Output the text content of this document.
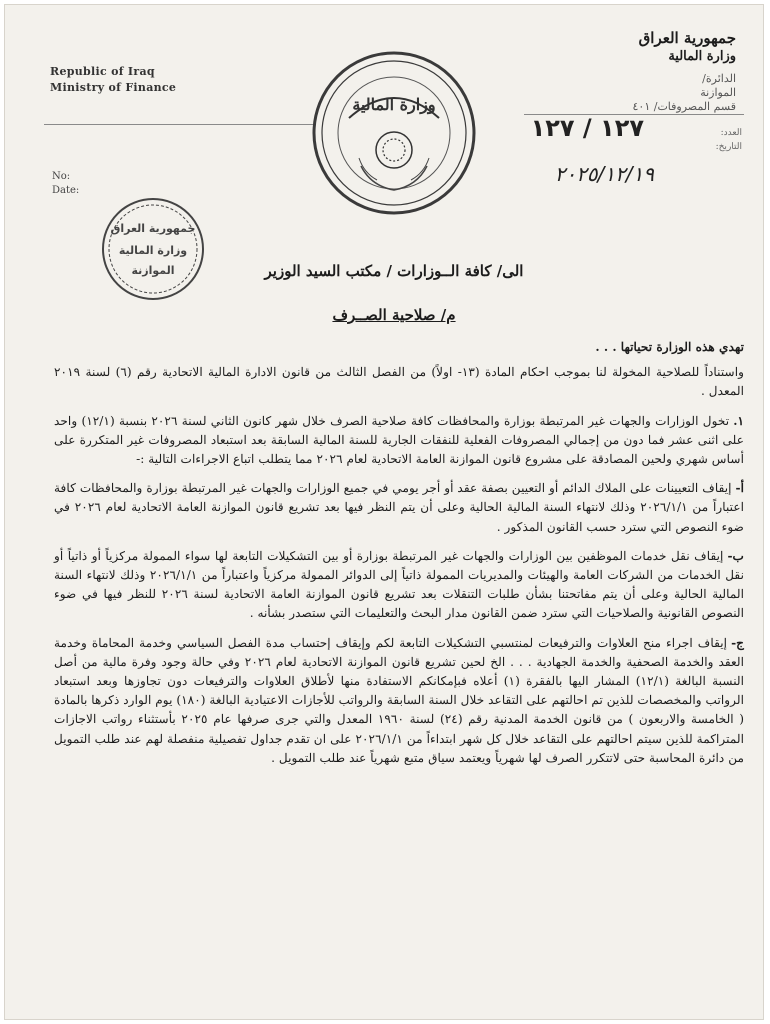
Republic of Iraq
Ministry of Finance
No:
Date:
جمهورية العراق
وزارة المالية
الدائرة/
الموازنة
قسم المصروفات/ ٤٠١
العدد:
التاريخ:
١٢٧ / ١٢٧
٢٠٢٥/١٢/١٩
وزارة المالية
جمهورية العراق
وزارة المالية
الموازنة	الى/ كافة الــوزارات / مكتب السيد الوزير
م/ صلاحية الصــرف

تهدي هذه الوزارة تحياتها . . .

واستناداً للصلاحية المخولة لنا بموجب احكام المادة (١٣- اولاً) من الفصل الثالث من قانون الادارة المالية الاتحادية رقم (٦) لسنة ٢٠١٩ المعدل .

١.تخول الوزارات والجهات غير المرتبطة بوزارة والمحافظات كافة صلاحية الصرف خلال شهر كانون الثاني لسنة ٢٠٢٦ بنسبة (١٢/١) واحد على اثنى عشر فما دون من إجمالي المصروفات الفعلية للنفقات الجارية للسنة المالية السابقة بعد استبعاد المصروفات غير المتكررة على أساس شهري ولحين المصادقة على مشروع قانون الموازنة العامة الاتحادية لعام ٢٠٢٦ مما يتطلب اتباع الاجراءات التالية :-

أ-إيقاف التعيينات على الملاك الدائم أو التعيين بصفة عقد أو أجر يومي في جميع الوزارات والجهات غير المرتبطة بوزارة والمحافظات كافة اعتباراً من ٢٠٢٦/١/١ وذلك لانتهاء السنة المالية الحالية وعلى أن يتم النظر فيها بعد تشريع قانون الموازنة العامة الاتحادية لعام ٢٠٢٦ في ضوء النصوص التي سترد حسب القانون المذكور .

ب-إيقاف نقل خدمات الموظفين بين الوزارات والجهات غير المرتبطة بوزارة أو بين التشكيلات التابعة لها سواء الممولة مركزياً أو ذاتياً أو نقل الخدمات من الشركات العامة والهيئات والمديريات الممولة ذاتياً إلى الدوائر الممولة مركزياً واعتباراً من ٢٠٢٦/١/١ وذلك لانتهاء السنة المالية الحالية وعلى أن يتم مفاتحتنا بشأن طلبات التنقلات بعد تشريع قانون الموازنة العامة الاتحادية لسنة ٢٠٢٦ للنظر فيها في ضوء النصوص القانونية والصلاحيات التي سترد ضمن القانون مدار البحث والتعليمات التي ستصدر بشأنه .

ج-إيقاف اجراء منح العلاوات والترفيعات لمنتسبي التشكيلات التابعة لكم وإيقاف إحتساب مدة الفصل السياسي وخدمة المحاماة وخدمة العقد والخدمة الصحفية والخدمة الجهادية . . . الخ لحين تشريع قانون الموازنة الاتحادية لعام ٢٠٢٦ وفي حالة وجود وفرة مالية من أصل النسبة البالغة (١٢/١) المشار اليها بالفقرة (١) أعلاه فبإمكانكم الاستفادة منها لأطلاق العلاوات والترفيعات دون تجاوزها وبعد استبعاد الرواتب والمخصصات للذين تم احالتهم على التقاعد خلال السنة السابقة والرواتب للأجازات الاعتيادية البالغة (١٨٠) يوم الوارد ذكرها بالمادة ( الخامسة والاربعون ) من قانون الخدمة المدنية رقم (٢٤) لسنة ١٩٦٠ المعدل والتي جرى صرفها عام ٢٠٢٥ بأستثناء رواتب الاجازات المتراكمة للذين سيتم احالتهم على التقاعد خلال كل شهر ابتداءاً من ٢٠٢٦/١/١ على ان تقدم جداول تفصيلية منفصلة لهم عند طلب التمويل من دائرة المحاسبة حتى لاتتكرر الصرف لها شهرياً ويعتمد سياق متبع شهرياً عند طلب التمويل .
